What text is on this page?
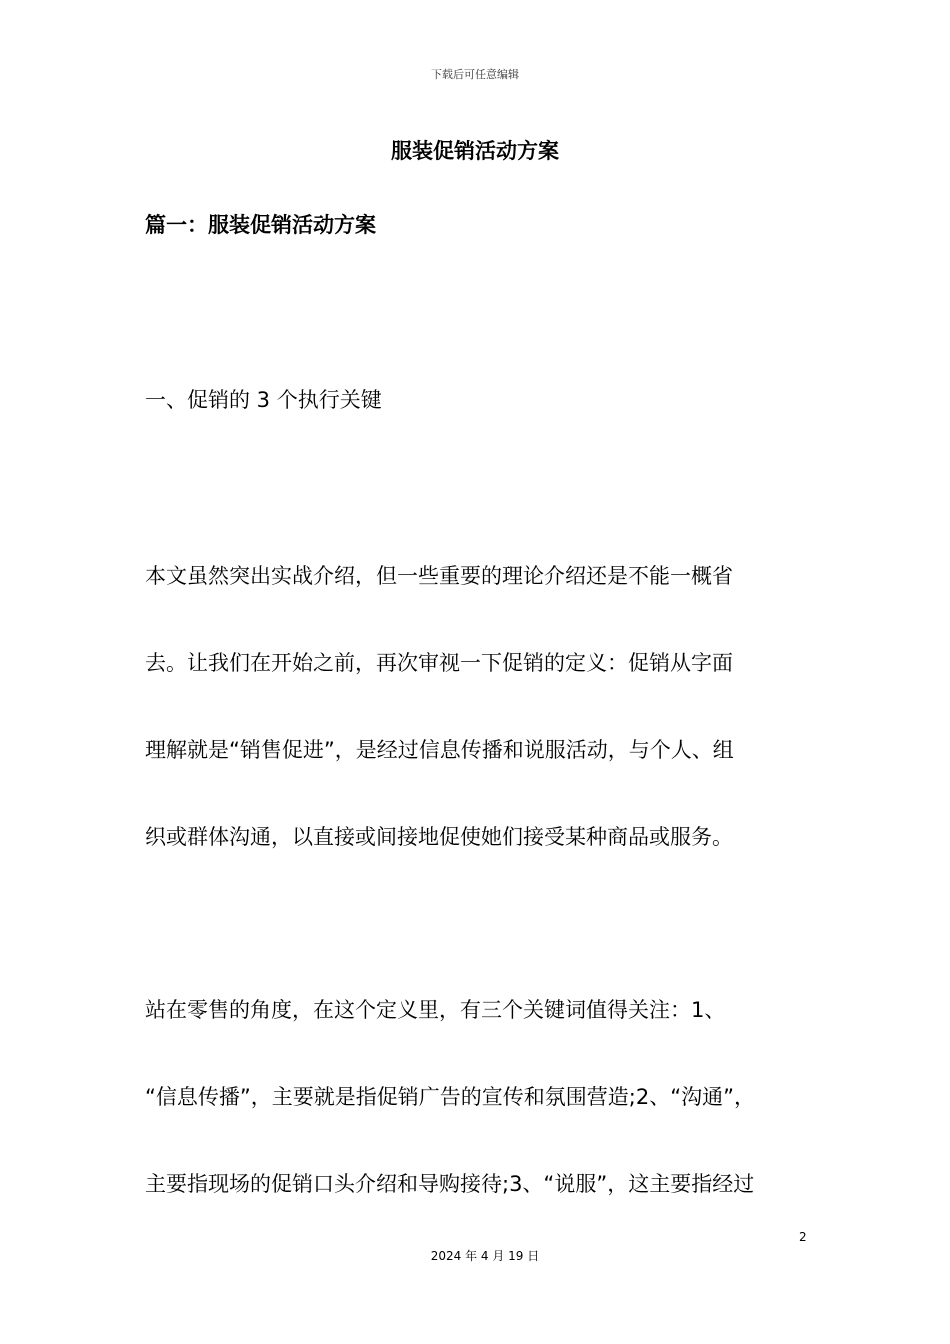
下载后可任意编辑
服装促销活动方案
篇一：服装促销活动方案
一、促销的 3 个执行关键
本文虽然突出实战介绍，但一些重要的理论介绍还是不能一概省
去。让我们在开始之前，再次审视一下促销的定义：促销从字面
理解就是“销售促进”，是经过信息传播和说服活动，与个人、组
织或群体沟通，以直接或间接地促使她们接受某种商品或服务。
站在零售的角度，在这个定义里，有三个关键词值得关注：1、
“信息传播”，主要就是指促销广告的宣传和氛围营造;2、“沟通”，
主要指现场的促销口头介绍和导购接待;3、“说服”，这主要指经过
2
2024 年 4 月 19 日
